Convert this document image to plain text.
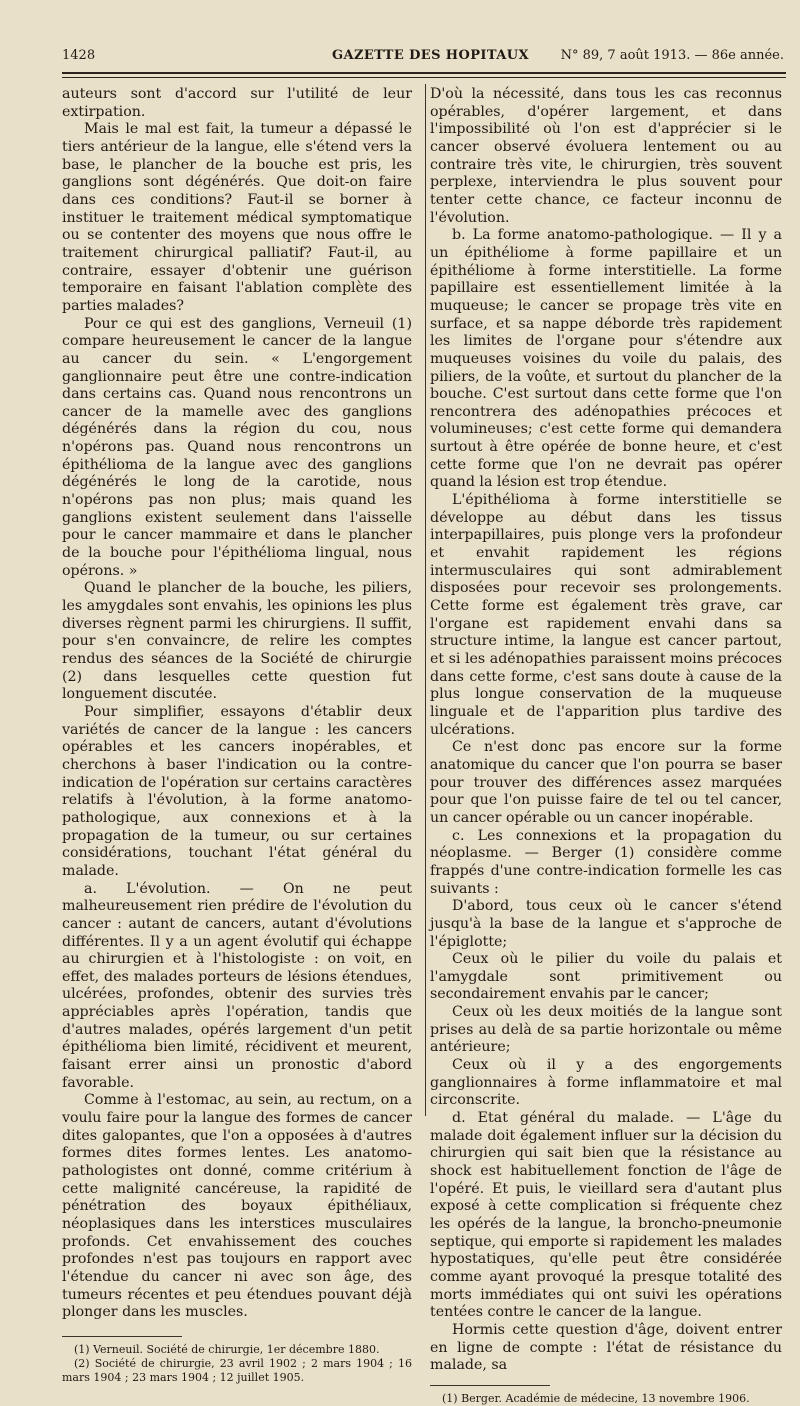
1428	GAZETTE DES HOPITAUX N° 89, 7 août 1913. — 86e année.

auteurs sont d'accord sur l'utilité de leur extirpation.

Mais le mal est fait, la tumeur a dépassé le tiers antérieur de la langue, elle s'étend vers la base, le plancher de la bouche est pris, les ganglions sont dégénérés. Que doit-on faire dans ces conditions? Faut-il se borner à instituer le traitement médical symptomatique ou se contenter des moyens que nous offre le traitement chirurgical palliatif? Faut-il, au contraire, essayer d'obtenir une guérison temporaire en faisant l'ablation complète des parties malades?

Pour ce qui est des ganglions, Verneuil (1) compare heureusement le cancer de la langue au cancer du sein. « L'engorgement ganglionnaire peut être une contre-indication dans certains cas. Quand nous rencontrons un cancer de la mamelle avec des ganglions dégénérés dans la région du cou, nous n'opérons pas. Quand nous rencontrons un épithélioma de la langue avec des ganglions dégénérés le long de la carotide, nous n'opérons pas non plus; mais quand les ganglions existent seulement dans l'aisselle pour le cancer mammaire et dans le plancher de la bouche pour l'épithélioma lingual, nous opérons. »

Quand le plancher de la bouche, les piliers, les amygdales sont envahis, les opinions les plus diverses règnent parmi les chirurgiens. Il suffit, pour s'en convaincre, de relire les comptes rendus des séances de la Société de chirurgie (2) dans lesquelles cette question fut longuement discutée.

Pour simplifier, essayons d'établir deux variétés de cancer de la langue : les cancers opérables et les cancers inopérables, et cherchons à baser l'indication ou la contre-indication de l'opération sur certains caractères relatifs à l'évolution, à la forme anatomo-pathologique, aux connexions et à la propagation de la tumeur, ou sur certaines considérations, touchant l'état général du malade.

a. L'évolution. — On ne peut malheureusement rien prédire de l'évolution du cancer : autant de cancers, autant d'évolutions différentes. Il y a un agent évolutif qui échappe au chirurgien et à l'histologiste : on voit, en effet, des malades porteurs de lésions étendues, ulcérées, profondes, obtenir des survies très appréciables après l'opération, tandis que d'autres malades, opérés largement d'un petit épithélioma bien limité, récidivent et meurent, faisant errer ainsi un pronostic d'abord favorable.

Comme à l'estomac, au sein, au rectum, on a voulu faire pour la langue des formes de cancer dites galopantes, que l'on a opposées à d'autres formes dites formes lentes. Les anatomo-pathologistes ont donné, comme critérium à cette malignité cancéreuse, la rapidité de pénétration des boyaux épithéliaux, néoplasiques dans les interstices musculaires profonds. Cet envahissement des couches profondes n'est pas toujours en rapport avec l'étendue du cancer ni avec son âge, des tumeurs récentes et peu étendues pouvant déjà plonger dans les muscles.

(1) Verneuil. Société de chirurgie, 1er décembre 1880.

(2) Société de chirurgie, 23 avril 1902 ; 2 mars 1904 ; 16 mars 1904 ; 23 mars 1904 ; 12 juillet 1905.

D'où la nécessité, dans tous les cas reconnus opérables, d'opérer largement, et dans l'impossibilité où l'on est d'apprécier si le cancer observé évoluera lentement ou au contraire très vite, le chirurgien, très souvent perplexe, interviendra le plus souvent pour tenter cette chance, ce facteur inconnu de l'évolution.

b. La forme anatomo-pathologique. — Il y a un épithéliome à forme papillaire et un épithéliome à forme interstitielle. La forme papillaire est essentiellement limitée à la muqueuse; le cancer se propage très vite en surface, et sa nappe déborde très rapidement les limites de l'organe pour s'étendre aux muqueuses voisines du voile du palais, des piliers, de la voûte, et surtout du plancher de la bouche. C'est surtout dans cette forme que l'on rencontrera des adénopathies précoces et volumineuses; c'est cette forme qui demandera surtout à être opérée de bonne heure, et c'est cette forme que l'on ne devrait pas opérer quand la lésion est trop étendue.

L'épithélioma à forme interstitielle se développe au début dans les tissus interpapillaires, puis plonge vers la profondeur et envahit rapidement les régions intermusculaires qui sont admirablement disposées pour recevoir ses prolongements. Cette forme est également très grave, car l'organe est rapidement envahi dans sa structure intime, la langue est cancer partout, et si les adénopathies paraissent moins précoces dans cette forme, c'est sans doute à cause de la plus longue conservation de la muqueuse linguale et de l'apparition plus tardive des ulcérations.

Ce n'est donc pas encore sur la forme anatomique du cancer que l'on pourra se baser pour trouver des différences assez marquées pour que l'on puisse faire de tel ou tel cancer, un cancer opérable ou un cancer inopérable.

c. Les connexions et la propagation du néoplasme. — Berger (1) considère comme frappés d'une contre-indication formelle les cas suivants :

D'abord, tous ceux où le cancer s'étend jusqu'à la base de la langue et s'approche de l'épiglotte;

Ceux où le pilier du voile du palais et l'amygdale sont primitivement ou secondairement envahis par le cancer;

Ceux où les deux moitiés de la langue sont prises au delà de sa partie horizontale ou même antérieure;

Ceux où il y a des engorgements ganglionnaires à forme inflammatoire et mal circonscrite.

d. Etat général du malade. — L'âge du malade doit également influer sur la décision du chirurgien qui sait bien que la résistance au shock est habituellement fonction de l'âge de l'opéré. Et puis, le vieillard sera d'autant plus exposé à cette complication si fréquente chez les opérés de la langue, la broncho-pneumonie septique, qui emporte si rapidement les malades hypostatiques, qu'elle peut être considérée comme ayant provoqué la presque totalité des morts immédiates qui ont suivi les opérations tentées contre le cancer de la langue.

Hormis cette question d'âge, doivent entrer en ligne de compte : l'état de résistance du malade, sa

(1) Berger. Académie de médecine, 13 novembre 1906.
